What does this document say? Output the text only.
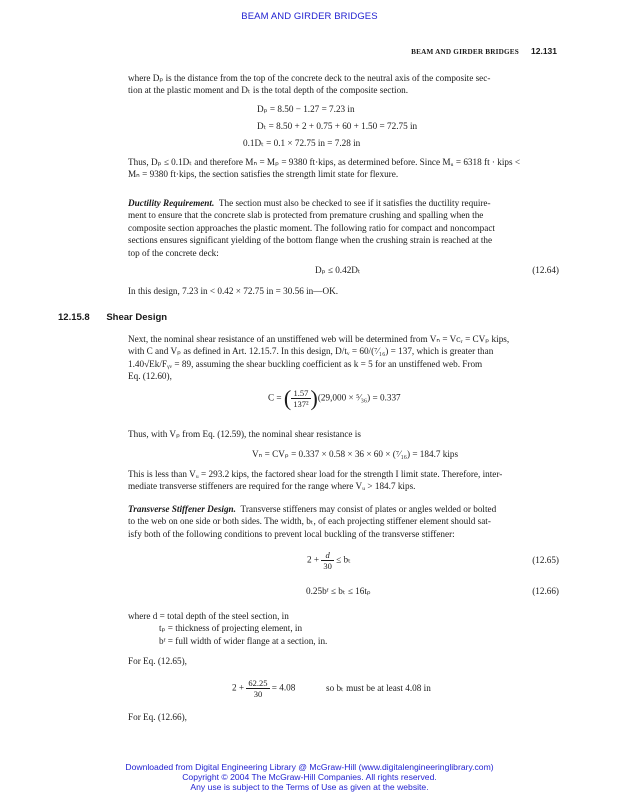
BEAM AND GIRDER BRIDGES
BEAM AND GIRDER BRIDGES 12.131
where Dₚ is the distance from the top of the concrete deck to the neutral axis of the composite sec-
tion at the plastic moment and Dₜ is the total depth of the composite section.
Dₚ = 8.50 − 1.27 = 7.23 in
Dₜ = 8.50 + 2 + 0.75 + 60 + 1.50 = 72.75 in
0.1Dₜ = 0.1 × 72.75 in = 7.28 in
Thus, Dₚ ≤ 0.1Dₜ and therefore Mₙ = Mₚ = 9380 ft·kips, as determined before. Since Mᵤ = 6318 ft · kips <
Mₙ = 9380 ft·kips, the section satisfies the strength limit state for flexure.
Ductility Requirement. The section must also be checked to see if it satisfies the ductility require-
ment to ensure that the concrete slab is protected from premature crushing and spalling when the
composite section approaches the plastic moment. The following ratio for compact and noncompact
sections ensures significant yielding of the bottom flange when the crushing strain is reached at the
top of the concrete deck:
Dₚ ≤ 0.42Dₜ	(12.64)
In this design, 7.23 in < 0.42 × 72.75 in = 30.56 in—OK.
12.15.8 Shear Design
Next, the nominal shear resistance of an unstiffened web will be determined from Vₙ = Vᴄᵣ = CVₚ kips,
with C and Vₚ as defined in Art. 12.15.7. In this design, D/tᵥ = 60/(⁷⁄₁₆) = 137, which is greater than
1.40√Ek/Fᵧᵥ = 89, assuming the shear buckling coefficient as k = 5 for an unstiffened web. From
Eq. (12.60),
C = ( $\frac{1.57}{\text{137²}} )(29,000$ × ⁵⁄₃₆) = 0.337
Thus, with Vₚ from Eq. (12.59), the nominal shear resistance is
Vₙ = CVₚ = 0.337 × 0.58 × 36 × 60 × (⁷⁄₁₆) = 184.7 kips
This is less than Vᵤ = 293.2 kips, the factored shear load for the strength I limit state. Therefore, inter-
mediate transverse stiffeners are required for the range where Vᵤ > 184.7 kips.
Transverse Stiffener Design. Transverse stiffeners may consist of plates or angles welded or bolted
to the web on one side or both sides. The width, bₜ, of each projecting stiffener element should sat-
isfy both of the following conditions to prevent local buckling of the transverse stiffener:
$2 + \frac{d}{30} \le b_t$	(12.65)
0.25bᶠ ≤ bₜ ≤ 16tₚ	(12.66)
where d = total depth of the steel section, in
tₚ = thickness of projecting element, in
bᶠ = full width of wider flange at a section, in.
For Eq. (12.65),
$2 + \frac{62.25}{30} = 4.08$	so bₜ must be at least 4.08 in
For Eq. (12.66),
Downloaded from Digital Engineering Library @ McGraw-Hill (www.digitalengineeringlibrary.com)
Copyright © 2004 The McGraw-Hill Companies. All rights reserved.
Any use is subject to the Terms of Use as given at the website.
